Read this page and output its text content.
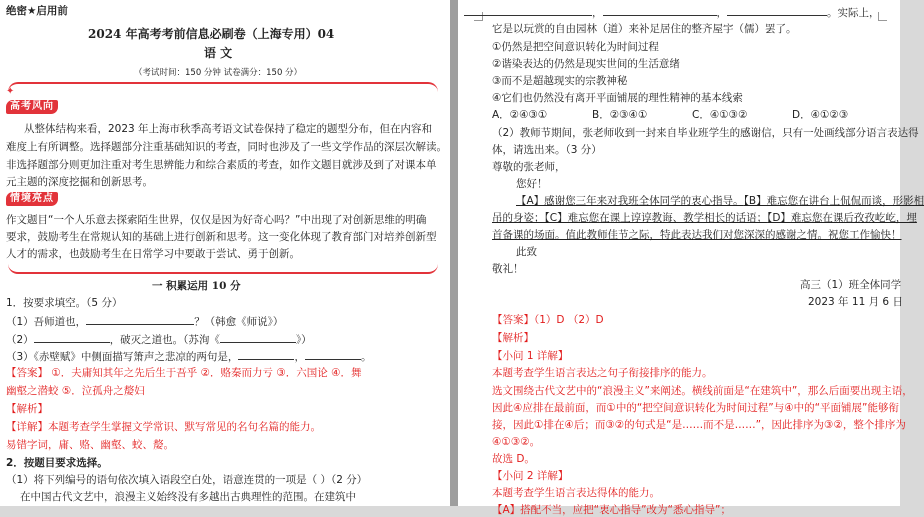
绝密★启用前
2024 年高考考前信息必刷卷（上海专用）04
语 文
（考试时间：150 分钟 试卷满分：150 分）
✦
高考风向
从整体结构来看，2023 年上海市秋季高考语文试卷保持了稳定的题型分布，但在内容和
难度上有所调整。选择题部分注重基础知识的考查，同时也涉及了一些文学作品的深层次解读。
非选择题部分则更加注重对考生思辨能力和综合素质的考查，如作文题目就涉及到了对课本单
元主题的深度挖掘和创新思考。
情境亮点
作文题目“一个人乐意去探索陌生世界，仅仅是因为好奇心吗？”中出现了对创新思维的明确
要求，鼓励考生在常规认知的基础上进行创新和思考。这一变化体现了教育部门对培养创新型
人才的需求，也鼓励考生在日常学习中要敢于尝试、勇于创新。
一 积累运用 10 分
1．按要求填空。（5 分）
（1）吾师道也，	？（韩愈《师说》）
（2）	，破灭之道也。（苏洵《	》）
（3）《赤壁赋》中侧面描写箫声之悲凉的两句是，	，	。
【答案】 ①．夫庸知其年之先后生于吾乎 ②．赂秦而力亏 ③．六国论 ④．舞
幽壑之潜蛟 ⑤．泣孤舟之嫠妇
【解析】
【详解】本题考查学生掌握文学常识、默写常见的名句名篇的能力。
易错字词，庸、赂、幽壑、蛟、嫠。
2．按题目要求选择。
（1）将下列编号的语句依次填入语段空白处，语意连贯的一项是（ ）（2 分）
在中国古代文艺中，浪漫主义始终没有多越出古典理性的范围。在建筑中
，	，	。实际上，
它是以玩赏的自由园林（道）来补足居住的整齐屋宇（儒）罢了。
①仍然是把空间意识转化为时间过程
②谐染表达的仍然是现实世间的生活意绪
③而不是超越现实的宗教神秘
④它们也仍然没有离开平面铺展的理性精神的基本线索
A．②④③①	B．②③④①	C．④①③②	D．④①②③
（2）教师节期间，张老师收到一封来自毕业班学生的感谢信，只有一处画线部分语言表达得
体，请选出来。（3 分）
尊敬的张老师，
您好！
【A】感谢您三年来对我班全体同学的衷心指导。【B】难忘您在讲台上侃侃而谈，形影相
吊的身姿；【C】难忘您在课上谆谆教诲、教学相长的话语；【D】难忘您在课后孜孜屹屹，埋
首备课的场面。值此教师佳节之际，特此表达我们对您深深的感谢之情。祝您工作愉快！
此致
敬礼！
高三（1）班全体同学
2023 年 11 月 6 日
【答案】（1）D （2）D
【解析】
【小问 1 详解】
本题考查学生语言表达之句子衔接排序的能力。
选文围绕古代文艺中的“浪漫主义”来阐述。横线前面是“在建筑中”，那么后面要出现主语，
因此④应排在最前面，而①中的“把空间意识转化为时间过程”与④中的“平面铺展”能够衔
接，因此①排在④后；而③②的句式是“是……而不是……”，因此排序为③②，整个排序为
④①③②。
故选 D。
【小问 2 详解】
本题考查学生语言表达得体的能力。
【A】搭配不当，应把“衷心指导”改为“悉心指导”；
